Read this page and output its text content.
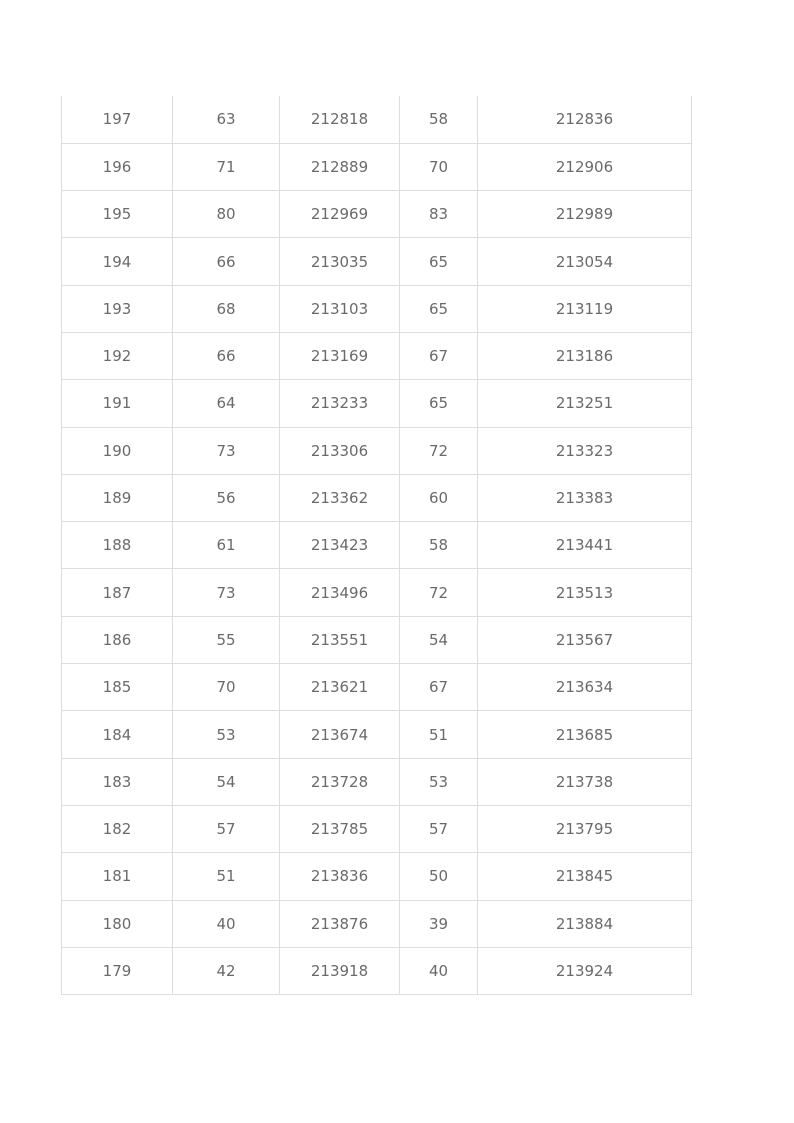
197	63	212818	58	212836
196	71	212889	70	212906
195	80	212969	83	212989
194	66	213035	65	213054
193	68	213103	65	213119
192	66	213169	67	213186
191	64	213233	65	213251
190	73	213306	72	213323
189	56	213362	60	213383
188	61	213423	58	213441
187	73	213496	72	213513
186	55	213551	54	213567
185	70	213621	67	213634
184	53	213674	51	213685
183	54	213728	53	213738
182	57	213785	57	213795
181	51	213836	50	213845
180	40	213876	39	213884
179	42	213918	40	213924
